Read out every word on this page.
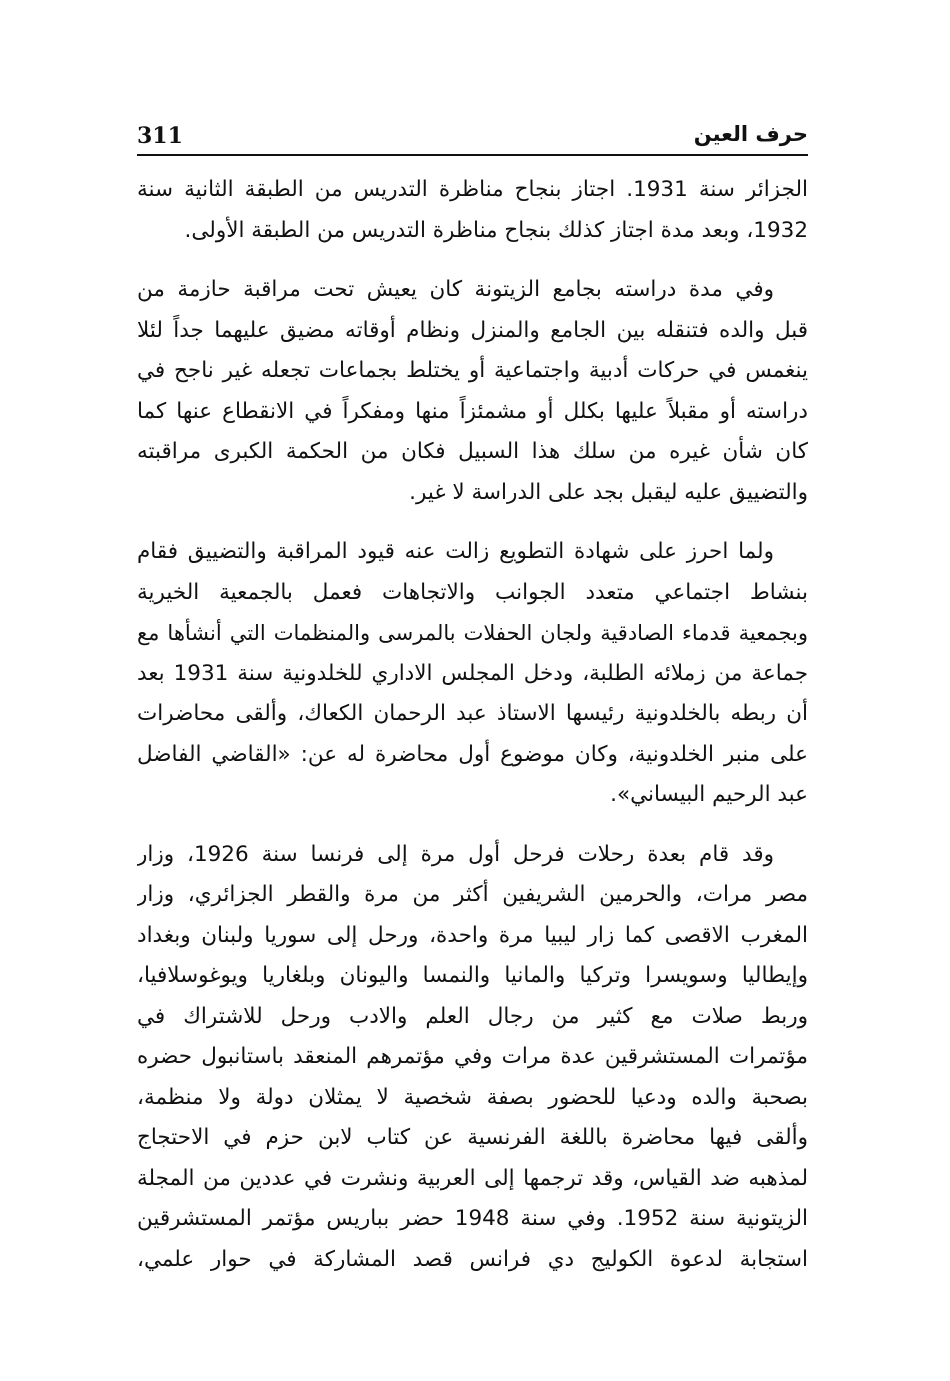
311	حرف العين

الجزائر سنة 1931. اجتاز بنجاح مناظرة التدريس من الطبقة الثانية سنة
1932، وبعد مدة اجتاز كذلك بنجاح مناظرة التدريس من الطبقة الأولى.

وفي مدة دراسته بجامع الزيتونة كان يعيش تحت مراقبة حازمة من
قبل والده فتنقله بين الجامع والمنزل ونظام أوقاته مضيق عليهما جداً لئلا
ينغمس في حركات أدبية واجتماعية أو يختلط بجماعات تجعله غير ناجح في
دراسته أو مقبلاً عليها بكلل أو مشمئزاً منها ومفكراً في الانقطاع عنها كما
كان شأن غيره من سلك هذا السبيل فكان من الحكمة الكبرى مراقبته
والتضييق عليه ليقبل بجد على الدراسة لا غير.

ولما احرز على شهادة التطويع زالت عنه قيود المراقبة والتضييق فقام
بنشاط اجتماعي متعدد الجوانب والاتجاهات فعمل بالجمعية الخيرية
وبجمعية قدماء الصادقية ولجان الحفلات بالمرسى والمنظمات التي أنشأها مع
جماعة من زملائه الطلبة، ودخل المجلس الاداري للخلدونية سنة 1931 بعد
أن ربطه بالخلدونية رئيسها الاستاذ عبد الرحمان الكعاك، وألقى محاضرات
على منبر الخلدونية، وكان موضوع أول محاضرة له عن: «القاضي الفاضل
عبد الرحيم البيساني».

وقد قام بعدة رحلات فرحل أول مرة إلى فرنسا سنة 1926، وزار
مصر مرات، والحرمين الشريفين أكثر من مرة والقطر الجزائري، وزار
المغرب الاقصى كما زار ليبيا مرة واحدة، ورحل إلى سوريا ولبنان وبغداد
وإيطاليا وسويسرا وتركيا والمانيا والنمسا واليونان وبلغاريا ويوغوسلافيا،
وربط صلات مع كثير من رجال العلم والادب ورحل للاشتراك في
مؤتمرات المستشرقين عدة مرات وفي مؤتمرهم المنعقد باستانبول حضره
بصحبة والده ودعيا للحضور بصفة شخصية لا يمثلان دولة ولا منظمة،
وألقى فيها محاضرة باللغة الفرنسية عن كتاب لابن حزم في الاحتجاج
لمذهبه ضد القياس، وقد ترجمها إلى العربية ونشرت في عددين من المجلة
الزيتونية سنة 1952. وفي سنة 1948 حضر بباريس مؤتمر المستشرقين
استجابة لدعوة الكوليج دي فرانس قصد المشاركة في حوار علمي،
